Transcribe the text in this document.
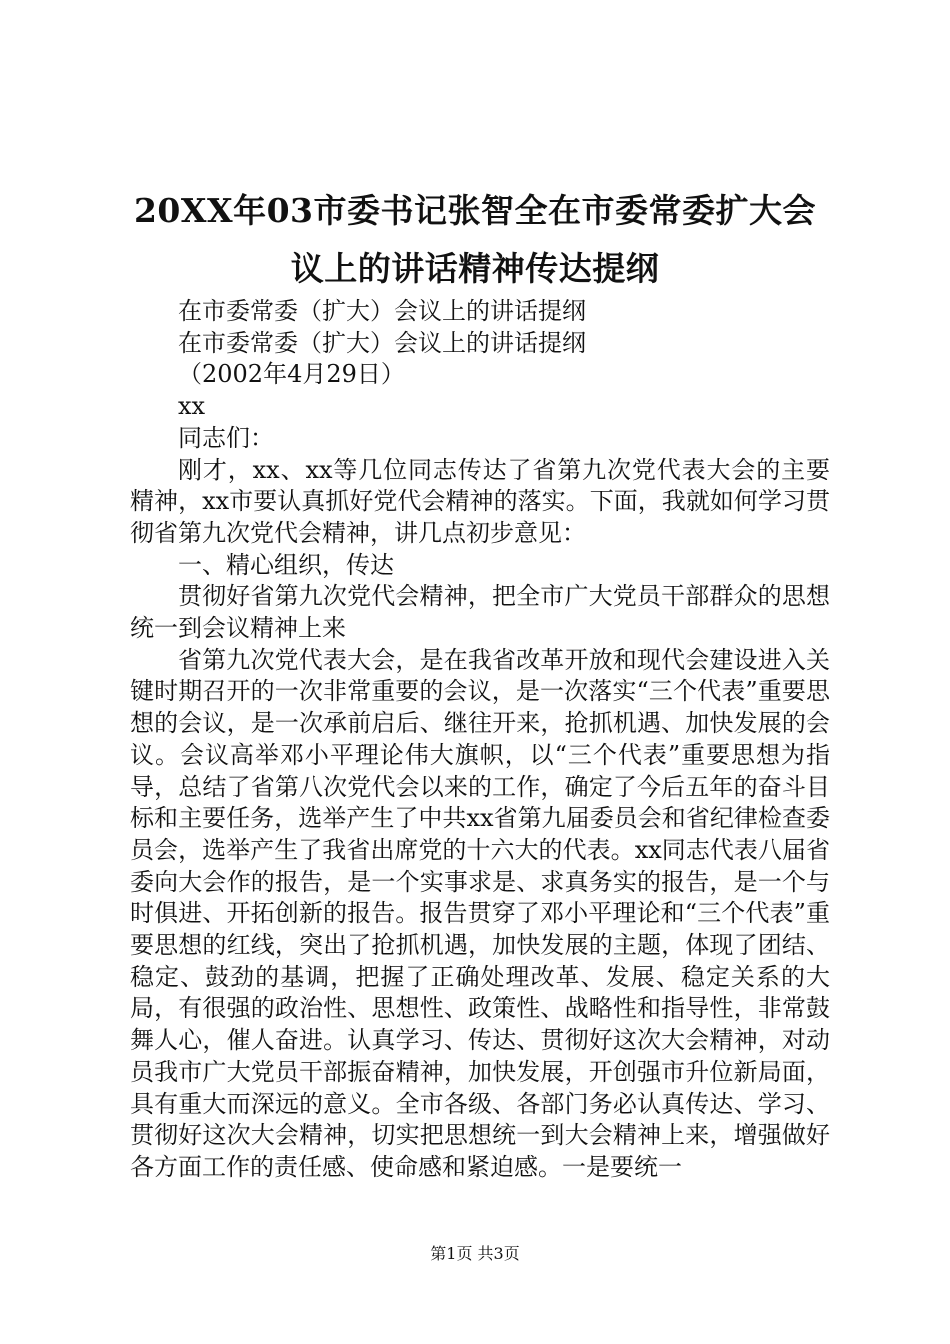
20XX年03市委书记张智全在市委常委扩大会
议上的讲话精神传达提纲

在市委常委（扩大）会议上的讲话提纲

在市委常委（扩大）会议上的讲话提纲

（2002年4月29日）

xx

同志们：

刚才，xx、xx等几位同志传达了省第九次党代表大会的主要精神，xx市要认真抓好党代会精神的落实。下面，我就如何学习贯彻省第九次党代会精神，讲几点初步意见：

一、精心组织，传达

贯彻好省第九次党代会精神，把全市广大党员干部群众的思想统一到会议精神上来

省第九次党代表大会，是在我省改革开放和现代会建设进入关键时期召开的一次非常重要的会议，是一次落实“三个代表”重要思想的会议，是一次承前启后、继往开来，抢抓机遇、加快发展的会议。会议高举邓小平理论伟大旗帜，以“三个代表”重要思想为指导，总结了省第八次党代会以来的工作，确定了今后五年的奋斗目标和主要任务，选举产生了中共xx省第九届委员会和省纪律检查委员会，选举产生了我省出席党的十六大的代表。xx同志代表八届省委向大会作的报告，是一个实事求是、求真务实的报告，是一个与时俱进、开拓创新的报告。报告贯穿了邓小平理论和“三个代表”重要思想的红线，突出了抢抓机遇，加快发展的主题，体现了团结、稳定、鼓劲的基调，把握了正确处理改革、发展、稳定关系的大局，有很强的政治性、思想性、政策性、战略性和指导性，非常鼓舞人心，催人奋进。认真学习、传达、贯彻好这次大会精神，对动员我市广大党员干部振奋精神，加快发展，开创强市升位新局面，具有重大而深远的意义。全市各级、各部门务必认真传达、学习、贯彻好这次大会精神，切实把思想统一到大会精神上来，增强做好各方面工作的责任感、使命感和紧迫感。一是要统一

第1页 共3页
